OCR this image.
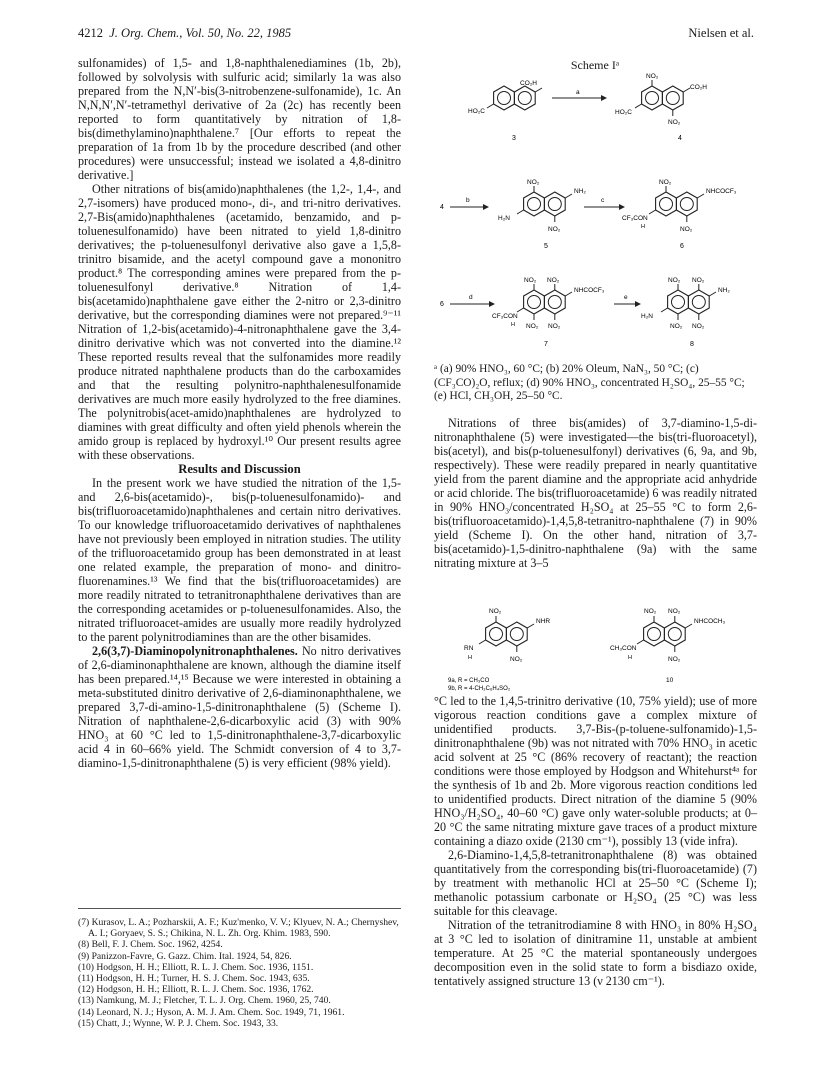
4212 J. Org. Chem., Vol. 50, No. 22, 1985	Nielsen et al.

sulfonamides) of 1,5- and 1,8-naphthalenediamines (1b, 2b), followed by solvolysis with sulfuric acid; similarly 1a was also prepared from the N,N′-bis(3-nitrobenzene-sulfonamide), 1c. An N,N,N′,N′-tetramethyl derivative of 2a (2c) has recently been reported to form quantitatively by nitration of 1,8-bis(dimethylamino)naphthalene.⁷ [Our efforts to repeat the preparation of 1a from 1b by the procedure described (and other procedures) were unsuccessful; instead we isolated a 4,8-dinitro derivative.]

Other nitrations of bis(amido)naphthalenes (the 1,2-, 1,4-, and 2,7-isomers) have produced mono-, di-, and tri-nitro derivatives. 2,7-Bis(amido)naphthalenes (acetamido, benzamido, and p-toluenesulfonamido) have been nitrated to yield 1,8-dinitro derivatives; the p-toluenesulfonyl derivative also gave a 1,5,8-trinitro bisamide, and the acetyl compound gave a mononitro product.⁸ The corresponding amines were prepared from the p-toluenesulfonyl derivative.⁸ Nitration of 1,4-bis(acetamido)naphthalene gave either the 2-nitro or 2,3-dinitro derivative, but the corresponding diamines were not prepared.⁹⁻¹¹ Nitration of 1,2-bis(acetamido)-4-nitronaphthalene gave the 3,4-dinitro derivative which was not converted into the diamine.¹² These reported results reveal that the sulfonamides more readily produce nitrated naphthalene products than do the carboxamides and that the resulting polynitro-naphthalenesulfonamide derivatives are much more easily hydrolyzed to the free diamines. The polynitrobis(acet-amido)naphthalenes are hydrolyzed to diamines with great difficulty and often yield phenols wherein the amido group is replaced by hydroxyl.¹⁰ Our present results agree with these observations.

Results and Discussion

In the present work we have studied the nitration of the 1,5- and 2,6-bis(acetamido)-, bis(p-toluenesulfonamido)- and bis(trifluoroacetamido)naphthalenes and certain nitro derivatives. To our knowledge trifluoroacetamido derivatives of naphthalenes have not previously been employed in nitration studies. The utility of the trifluoroacetamido group has been demonstrated in at least one related example, the preparation of mono- and dinitro-fluorenamines.¹³ We find that the bis(trifluoroacetamides) are more readily nitrated to tetranitronaphthalene derivatives than are the corresponding acetamides or p-toluenesulfonamides. Also, the nitrated trifluoroacet-amides are usually more readily hydrolyzed to the parent polynitrodiamines than are the other bisamides.

2,6(3,7)-Diaminopolynitronaphthalenes. No nitro derivatives of 2,6-diaminonaphthalene are known, although the diamine itself has been prepared.¹⁴,¹⁵ Because we were interested in obtaining a meta-substituted dinitro derivative of 2,6-diaminonaphthalene, we prepared 3,7-di-amino-1,5-dinitronaphthalene (5) (Scheme I). Nitration of naphthalene-2,6-dicarboxylic acid (3) with 90% HNO₃ at 60 °C led to 1,5-dinitronaphthalene-3,7-dicarboxylic acid 4 in 60–66% yield. The Schmidt conversion of 4 to 3,7-diamino-1,5-dinitronaphthalene (5) is very efficient (98% yield).

(7) Kurasov, L. A.; Pozharskii, A. F.; Kuz'menko, V. V.; Klyuev, N. A.; Chernyshev, A. I.; Goryaev, S. S.; Chikina, N. L. Zh. Org. Khim. 1983, 590.
(8) Bell, F. J. Chem. Soc. 1962, 4254.
(9) Panizzon-Favre, G. Gazz. Chim. Ital. 1924, 54, 826.
(10) Hodgson, H. H.; Elliott, R. L. J. Chem. Soc. 1936, 1151.
(11) Hodgson, H. H.; Turner, H. S. J. Chem. Soc. 1943, 635.
(12) Hodgson, H. H.; Elliott, R. L. J. Chem. Soc. 1936, 1762.
(13) Namkung, M. J.; Fletcher, T. L. J. Org. Chem. 1960, 25, 740.
(14) Leonard, N. J.; Hyson, A. M. J. Am. Chem. Soc. 1949, 71, 1961.
(15) Chatt, J.; Wynne, W. P. J. Chem. Soc. 1943, 33.
Scheme Iᵃ
CO₂H
HO₂C
3
a
NO₂
CO₂H
HO₂C
NO₂
4
4
b
NO₂
NH₂
H₂N
NO₂
5
c
NO₂
NHCOCF₃
CF₃CON
H	NO₂
6
6
d
NO₂ NO₂
NHCOCF₃
CF₃CON
H NO₂ NO₂
7
e
NO₂ NO₂
NH₂
H₂N
NO₂ NO₂
8
ᵃ (a) 90% HNO₃, 60 °C; (b) 20% Oleum, NaN₃, 50 °C; (c) (CF₃CO)₂O, reflux; (d) 90% HNO₃, concentrated H₂SO₄, 25–55 °C; (e) HCl, CH₃OH, 25–50 °C.

Nitrations of three bis(amides) of 3,7-diamino-1,5-di-nitronaphthalene (5) were investigated—the bis(tri-fluoroacetyl), bis(acetyl), and bis(p-toluenesulfonyl) derivatives (6, 9a, and 9b, respectively). These were readily prepared in nearly quantitative yield from the parent diamine and the appropriate acid anhydride or acid chloride. The bis(trifluoroacetamide) 6 was readily nitrated in 90% HNO₃/concentrated H₂SO₄ at 25–55 °C to form 2,6-bis(trifluoroacetamido)-1,4,5,8-tetranitro-naphthalene (7) in 90% yield (Scheme I). On the other hand, nitration of 3,7-bis(acetamido)-1,5-dinitro-naphthalene (9a) with the same nitrating mixture at 3–5

NO₂
NHR
RN
H	NO₂
NO₂ NO₂
NHCOCH₃
CH₃CON
H	NO₂
9a, R = CH₃CO
9b, R = 4-CH₃C₆H₄SO₂
10

°C led to the 1,4,5-trinitro derivative (10, 75% yield); use of more vigorous reaction conditions gave a complex mixture of unidentified products. 3,7-Bis-(p-toluene-sulfonamido)-1,5-dinitronaphthalene (9b) was not nitrated with 70% HNO₃ in acetic acid solvent at 25 °C (86% recovery of reactant); the reaction conditions were those employed by Hodgson and Whitehurst⁴ᵃ for the synthesis of 1b and 2b. More vigorous reaction conditions led to unidentified products. Direct nitration of the diamine 5 (90% HNO₃/H₂SO₄, 40–60 °C) gave only water-soluble products; at 0–20 °C the same nitrating mixture gave traces of a product mixture containing a diazo oxide (2130 cm⁻¹), possibly 13 (vide infra).

2,6-Diamino-1,4,5,8-tetranitronaphthalene (8) was obtained quantitatively from the corresponding bis(tri-fluoroacetamide) (7) by treatment with methanolic HCl at 25–50 °C (Scheme I); methanolic potassium carbonate or H₂SO₄ (25 °C) was less suitable for this cleavage.

Nitration of the tetranitrodiamine 8 with HNO₃ in 80% H₂SO₄ at 3 °C led to isolation of dinitramine 11, unstable at ambient temperature. At 25 °C the material spontaneously undergoes decomposition even in the solid state to form a bisdiazo oxide, tentatively assigned structure 13 (ν 2130 cm⁻¹).
